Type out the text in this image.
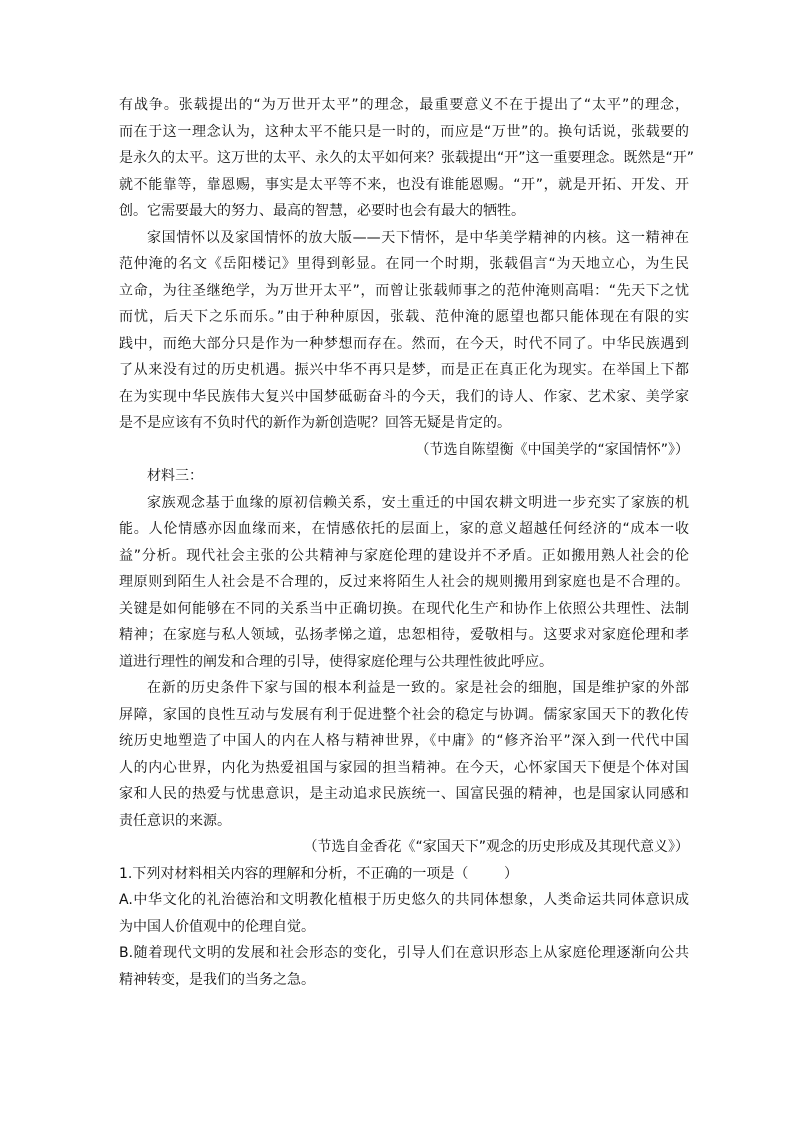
有战争。张载提出的“为万世开太平”的理念，最重要意义不在于提出了“太平”的理念，
而在于这一理念认为，这种太平不能只是一时的，而应是“万世”的。换句话说，张载要的
是永久的太平。这万世的太平、永久的太平如何来？张载提出“开”这一重要理念。既然是“开”
就不能靠等，靠恩赐，事实是太平等不来，也没有谁能恩赐。“开”，就是开拓、开发、开
创。它需要最大的努力、最高的智慧，必要时也会有最大的牺牲。
家国情怀以及家国情怀的放大版——天下情怀，是中华美学精神的内核。这一精神在
范仲淹的名文《岳阳楼记》里得到彰显。在同一个时期，张载倡言“为天地立心，为生民
立命，为往圣继绝学，为万世开太平”，而曾让张载师事之的范仲淹则高唱：“先天下之忧
而忧，后天下之乐而乐。”由于种种原因，张载、范仲淹的愿望也都只能体现在有限的实
践中，而绝大部分只是作为一种梦想而存在。然而，在今天，时代不同了。中华民族遇到
了从来没有过的历史机遇。振兴中华不再只是梦，而是正在真正化为现实。在举国上下都
在为实现中华民族伟大复兴中国梦砥砺奋斗的今天，我们的诗人、作家、艺术家、美学家
是不是应该有不负时代的新作为新创造呢？回答无疑是肯定的。
（节选自陈望衡《中国美学的“家国情怀”》）
材料三：
家族观念基于血缘的原初信赖关系，安土重迁的中国农耕文明进一步充实了家族的机
能。人伦情感亦因血缘而来，在情感依托的层面上，家的意义超越任何经济的“成本一收
益”分析。现代社会主张的公共精神与家庭伦理的建设并不矛盾。正如搬用熟人社会的伦
理原则到陌生人社会是不合理的，反过来将陌生人社会的规则搬用到家庭也是不合理的。
关键是如何能够在不同的关系当中正确切换。在现代化生产和协作上依照公共理性、法制
精神；在家庭与私人领域，弘扬孝悌之道，忠恕相待，爱敬相与。这要求对家庭伦理和孝
道进行理性的阐发和合理的引导，使得家庭伦理与公共理性彼此呼应。
在新的历史条件下家与国的根本利益是一致的。家是社会的细胞，国是维护家的外部
屏障，家国的良性互动与发展有利于促进整个社会的稳定与协调。儒家家国天下的教化传
统历史地塑造了中国人的内在人格与精神世界，《中庸》的“修齐治平”深入到一代代中国
人的内心世界，内化为热爱祖国与家园的担当精神。在今天，心怀家国天下便是个体对国
家和人民的热爱与忧患意识，是主动追求民族统一、国富民强的精神，也是国家认同感和
责任意识的来源。
（节选自金香花《“家国天下”观念的历史形成及其现代意义》）
1.下列对材料相关内容的理解和分析，不正确的一项是（        ）
A.中华文化的礼治德治和文明教化植根于历史悠久的共同体想象，人类命运共同体意识成
为中国人价值观中的伦理自觉。
B.随着现代文明的发展和社会形态的变化，引导人们在意识形态上从家庭伦理逐渐向公共
精神转变，是我们的当务之急。
